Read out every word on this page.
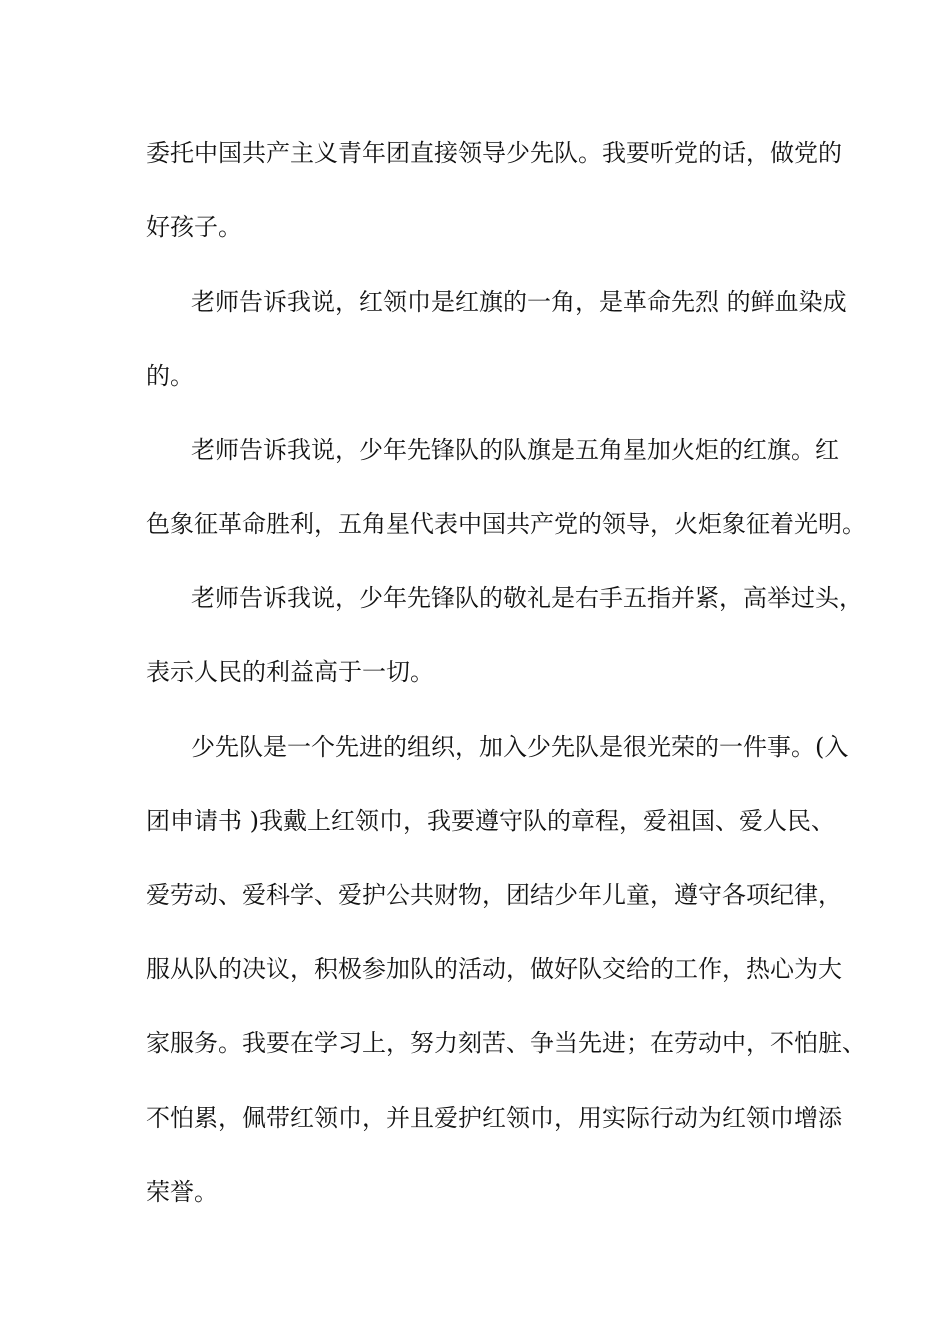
委托中国共产主义青年团直接领导少先队。我要听党的话，做党的
好孩子。
老师告诉我说，红领巾是红旗的一角，是革命先烈 的鲜血染成
的。
老师告诉我说，少年先锋队的队旗是五角星加火炬的红旗。红
色象征革命胜利，五角星代表中国共产党的领导，火炬象征着光明。
老师告诉我说，少年先锋队的敬礼是右手五指并紧，高举过头，
表示人民的利益高于一切。
少先队是一个先进的组织，加入少先队是很光荣的一件事。(入
团申请书 )我戴上红领巾，我要遵守队的章程，爱祖国、爱人民、
爱劳动、爱科学、爱护公共财物，团结少年儿童，遵守各项纪律，
服从队的决议，积极参加队的活动，做好队交给的工作，热心为大
家服务。我要在学习上，努力刻苦、争当先进；在劳动中，不怕脏、
不怕累，佩带红领巾，并且爱护红领巾，用实际行动为红领巾增添
荣誉。
